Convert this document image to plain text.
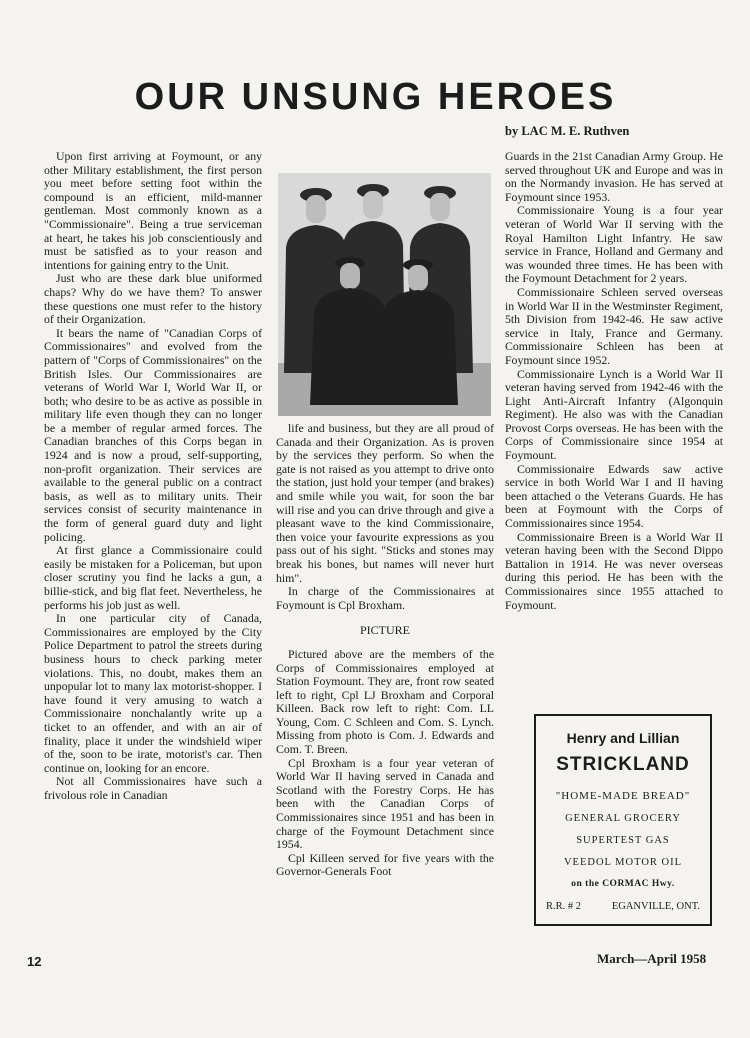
OUR UNSUNG HEROES
by LAC M. E. Ruthven

Upon first arriving at Foymount, or any other Military establishment, the first person you meet before setting foot within the compound is an efficient, mild-manner gentleman. Most commonly known as a "Commissionaire". Being a true serviceman at heart, he takes his job conscientiously and must be satisfied as to your reason and intentions for gaining entry to the Unit.

Just who are these dark blue uniformed chaps? Why do we have them? To answer these questions one must refer to the history of their Organization.

It bears the name of "Canadian Corps of Commissionaires" and evolved from the pattern of "Corps of Commissionaires" on the British Isles. Our Commissionaires are veterans of World War I, World War II, or both; who desire to be as active as possible in military life even though they can no longer be a member of regular armed forces. The Canadian branches of this Corps began in 1924 and is now a proud, self-supporting, non-profit organization. Their services are available to the general public on a contract basis, as well as to military units. Their services consist of security maintenance in the form of general guard duty and light policing.

At first glance a Commissionaire could easily be mistaken for a Policeman, but upon closer scrutiny you find he lacks a gun, a billie-stick, and big flat feet. Nevertheless, he performs his job just as well.

In one particular city of Canada, Commissionaires are employed by the City Police Department to patrol the streets during business hours to check parking meter violations. This, no doubt, makes them an unpopular lot to many lax motorist-shopper. I have found it very amusing to watch a Commissionaire nonchalantly write up a ticket to an offender, and with an air of finality, place it under the windshield wiper of the, soon to be irate, motorist's car. Then continue on, looking for an encore.

Not all Commissionaires have such a frivolous role in Canadian

life and business, but they are all proud of Canada and their Organization. As is proven by the services they perform. So when the gate is not raised as you attempt to drive onto the station, just hold your temper (and brakes) and smile while you wait, for soon the bar will rise and you can drive through and give a pleasant wave to the kind Commissionaire, then voice your favourite expressions as you pass out of his sight. "Sticks and stones may break his bones, but names will never hurt him".

In charge of the Commissionaires at Foymount is Cpl Broxham.

PICTURE

Pictured above are the members of the Corps of Commissionaires employed at Station Foymount. They are, front row seated left to right, Cpl LJ Broxham and Corporal Killeen. Back row left to right: Com. LL Young, Com. C Schleen and Com. S. Lynch. Missing from photo is Com. J. Edwards and Com. T. Breen.

Cpl Broxham is a four year veteran of World War II having served in Canada and Scotland with the Forestry Corps. He has been with the Canadian Corps of Commissionaires since 1951 and has been in charge of the Foymount Detachment since 1954.

Cpl Killeen served for five years with the Governor-Generals Foot

Guards in the 21st Canadian Army Group. He served throughout UK and Europe and was in on the Normandy invasion. He has served at Foymount since 1953.

Commissionaire Young is a four year veteran of World War II serving with the Royal Hamilton Light Infantry. He saw service in France, Holland and Germany and was wounded three times. He has been with the Foymount Detachment for 2 years.

Commissionaire Schleen served overseas in World War II in the Westminster Regiment, 5th Division from 1942-46. He saw active service in Italy, France and Germany. Commissionaire Schleen has been at Foymount since 1952.

Commissionaire Lynch is a World War II veteran having served from 1942-46 with the Light Anti-Aircraft Infantry (Algonquin Regiment). He also was with the Canadian Provost Corps overseas. He has been with the Corps of Commissionaire since 1954 at Foymount.

Commissionaire Edwards saw active service in both World War I and II having been attached o the Veterans Guards. He has been at Foymount with the Corps of Commissionaires since 1954.

Commissionaire Breen is a World War II veteran having been with the Second Dippo Battalion in 1914. He was never overseas during this period. He has been with the Commissionaires since 1955 attached to Foymount.

Henry and Lillian
STRICKLAND
"HOME-MADE BREAD"
GENERAL GROCERY
SUPERTEST GAS
VEEDOL MOTOR OIL
on the CORMAC Hwy.
R.R. # 2	EGANVILLE, ONT.
12	March—April 1958
